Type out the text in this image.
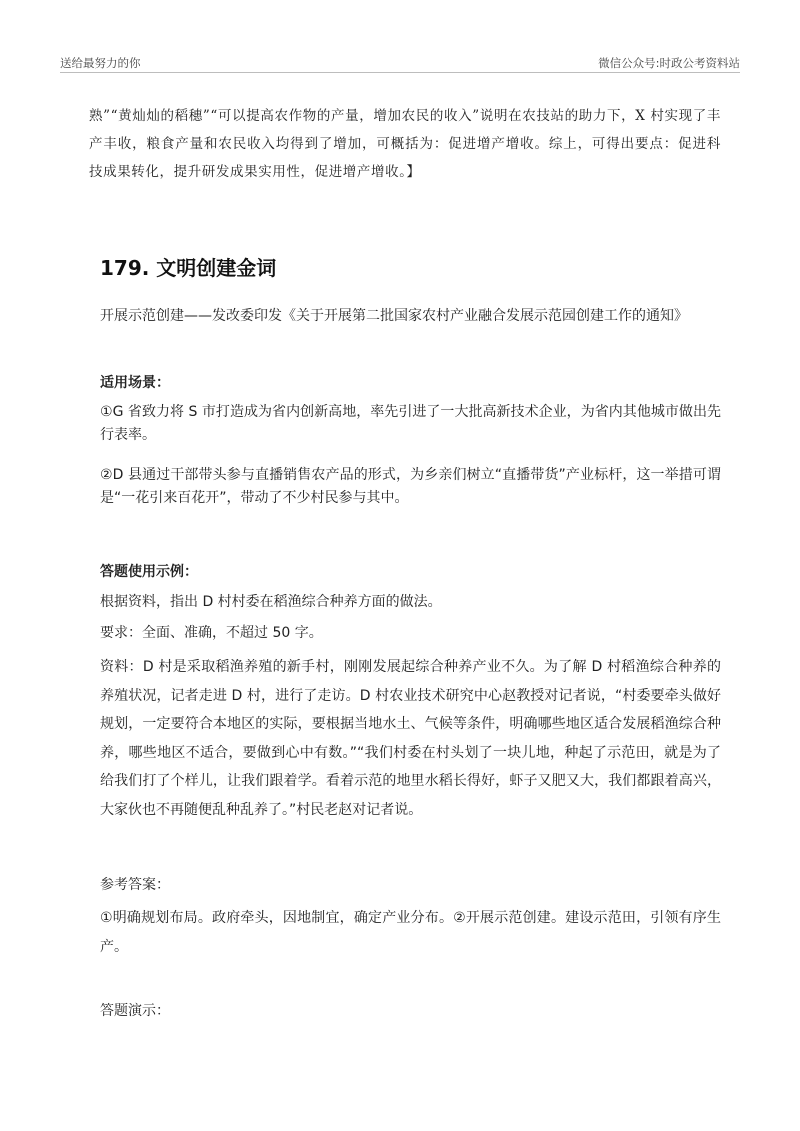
送给最努力的你	微信公众号:时政公考资料站

熟”“黄灿灿的稻穗”“可以提高农作物的产量，增加农民的收入”说明在农技站的助力下，X 村实现了丰产丰收，粮食产量和农民收入均得到了增加，可概括为：促进增产增收。综上，可得出要点：促进科技成果转化，提升研发成果实用性，促进增产增收。】

179. 文明创建金词

开展示范创建——发改委印发《关于开展第二批国家农村产业融合发展示范园创建工作的通知》

适用场景：

①G 省致力将 S 市打造成为省内创新高地，率先引进了一大批高新技术企业，为省内其他城市做出先行表率。

②D 县通过干部带头参与直播销售农产品的形式，为乡亲们树立“直播带货”产业标杆，这一举措可谓是“一花引来百花开”，带动了不少村民参与其中。

答题使用示例：

根据资料，指出 D 村村委在稻渔综合种养方面的做法。

要求：全面、准确，不超过 50 字。

资料：D 村是采取稻渔养殖的新手村，刚刚发展起综合种养产业不久。为了解 D 村稻渔综合种养的养殖状况，记者走进 D 村，进行了走访。D 村农业技术研究中心赵教授对记者说，“村委要牵头做好规划，一定要符合本地区的实际，要根据当地水土、气候等条件，明确哪些地区适合发展稻渔综合种养，哪些地区不适合，要做到心中有数。”“我们村委在村头划了一块儿地，种起了示范田，就是为了给我们打了个样儿，让我们跟着学。看着示范的地里水稻长得好，虾子又肥又大，我们都跟着高兴，大家伙也不再随便乱种乱养了。”村民老赵对记者说。

参考答案：

①明确规划布局。政府牵头，因地制宜，确定产业分布。②开展示范创建。建设示范田，引领有序生产。

答题演示：
